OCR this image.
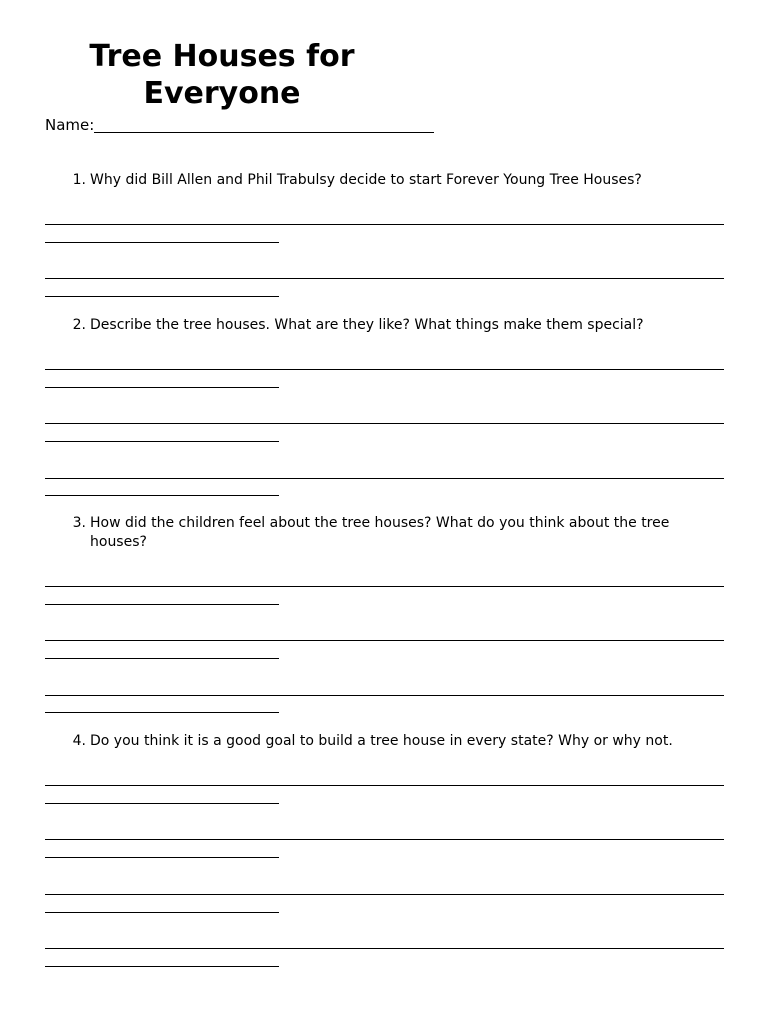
Tree Houses for
Everyone
Name:
1. Why did Bill Allen and Phil Trabulsy decide to start Forever Young Tree Houses?
2. Describe the tree houses. What are they like? What things make them special?
3. How did the children feel about the tree houses? What do you think about the tree houses?
4. Do you think it is a good goal to build a tree house in every state? Why or why not.
